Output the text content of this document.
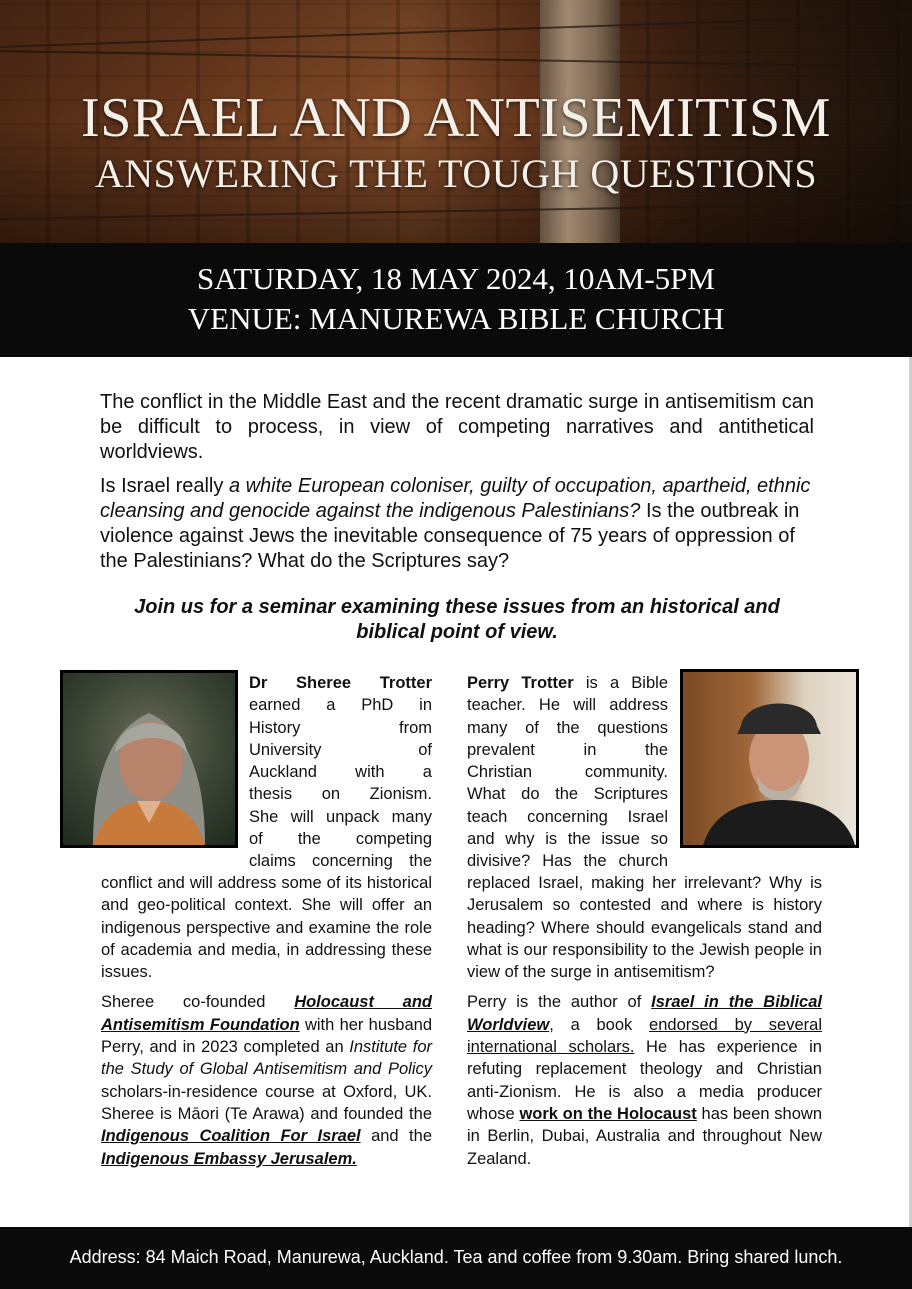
ISRAEL AND ANTISEMITISM
ANSWERING THE TOUGH QUESTIONS
SATURDAY, 18 MAY 2024, 10AM-5PM
VENUE: MANUREWA BIBLE CHURCH
The conflict in the Middle East and the recent dramatic surge in antisemitism can be difficult to process, in view of competing narratives and antithetical worldviews.
Is Israel really a white European coloniser, guilty of occupation, apartheid, ethnic cleansing and genocide against the indigenous Palestinians? Is the outbreak in violence against Jews the inevitable consequence of 75 years of oppression of the Palestinians? What do the Scriptures say?
Join us for a seminar examining these issues from an historical and
biblical point of view.

Dr Sheree Trotter

earned a PhD in

History from

University of

Auckland with a

thesis on Zionism.

She will unpack many

of the competing

claims concerning the

conflict and will address some of its historical and geo-political context. She will offer an indigenous perspective and examine the role of academia and media, in addressing these issues.

Sheree co-founded Holocaust and Antisemitism Foundation with her husband Perry, and in 2023 completed an Institute for the Study of Global Antisemitism and Policy scholars-in-residence course at Oxford, UK. Sheree is Māori (Te Arawa) and founded the Indigenous Coalition For Israel and the Indigenous Embassy Jerusalem.

Perry Trotter is a Bible

teacher. He will address

many of the questions

prevalent in the

Christian community.

What do the Scriptures

teach concerning Israel

and why is the issue so

divisive? Has the church

replaced Israel, making her irrelevant? Why is Jerusalem so contested and where is history heading? Where should evangelicals stand and what is our responsibility to the Jewish people in view of the surge in antisemitism?

Perry is the author of Israel in the Biblical Worldview, a book endorsed by several international scholars. He has experience in refuting replacement theology and Christian anti-Zionism. He is also a media producer whose work on the Holocaust has been shown in Berlin, Dubai, Australia and throughout New Zealand.

Address: 84 Maich Road, Manurewa, Auckland. Tea and coffee from 9.30am. Bring shared lunch.
